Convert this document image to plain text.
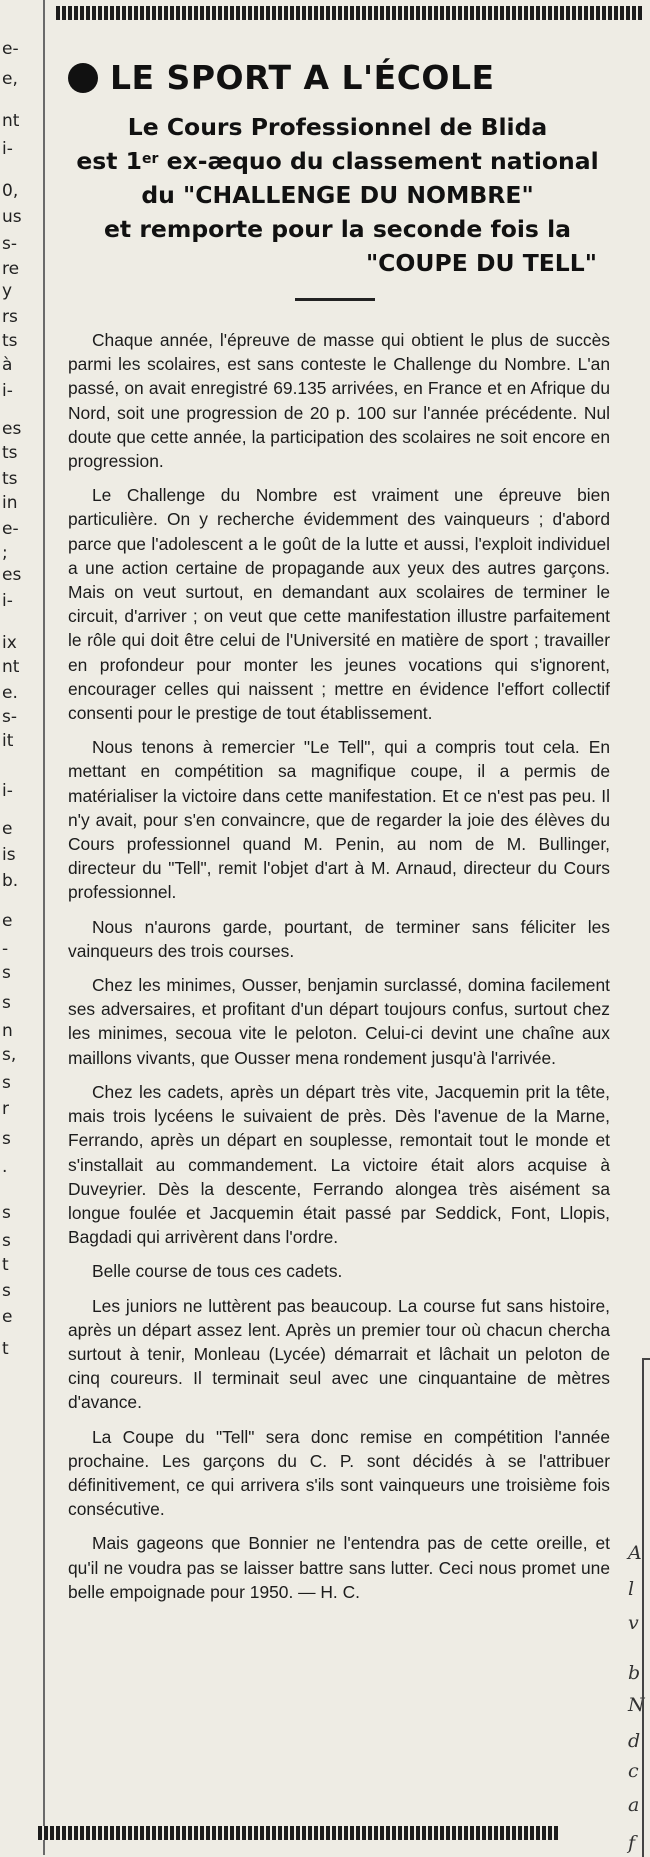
e-
e,
nt
i-
0,
us
s-
re
y
rs
ts
à
i-
es
ts
ts
in
e-
;
es
i-
ix
nt
e.
s-
it
i-
e
is
b.
e
-
s
s
n
s,
s
r
s
.
s
s
t
s
e
t
LE SPORT A L'ÉCOLE
Le Cours Professionnel de Blida
est 1er ex-æquo du classement national
du "CHALLENGE DU NOMBRE"
et remporte pour la seconde fois la
"COUPE DU TELL"

Chaque année, l'épreuve de masse qui obtient le plus de succès parmi les scolaires, est sans conteste le Challenge du Nombre. L'an passé, on avait enregistré 69.135 arrivées, en France et en Afrique du Nord, soit une progression de 20 p. 100 sur l'année précédente. Nul doute que cette année, la participation des scolaires ne soit encore en progression.

Le Challenge du Nombre est vraiment une épreuve bien particulière. On y recherche évidemment des vainqueurs ; d'abord parce que l'adolescent a le goût de la lutte et aussi, l'exploit individuel a une action certaine de propagande aux yeux des autres garçons. Mais on veut surtout, en demandant aux scolaires de terminer le circuit, d'arriver ; on veut que cette manifestation illustre parfaitement le rôle qui doit être celui de l'Université en matière de sport ; travailler en profondeur pour monter les jeunes vocations qui s'ignorent, encourager celles qui naissent ; mettre en évidence l'effort collectif consenti pour le prestige de tout établissement.

Nous tenons à remercier "Le Tell", qui a compris tout cela. En mettant en compétition sa magnifique coupe, il a permis de matérialiser la victoire dans cette manifestation. Et ce n'est pas peu. Il n'y avait, pour s'en convaincre, que de regarder la joie des élèves du Cours professionnel quand M. Penin, au nom de M. Bullinger, directeur du "Tell", remit l'objet d'art à M. Arnaud, directeur du Cours professionnel.

Nous n'aurons garde, pourtant, de terminer sans féliciter les vainqueurs des trois courses.

Chez les minimes, Ousser, benjamin surclassé, domina facilement ses adversaires, et profitant d'un départ toujours confus, surtout chez les minimes, secoua vite le peloton. Celui-ci devint une chaîne aux maillons vivants, que Ousser mena rondement jusqu'à l'arrivée.

Chez les cadets, après un départ très vite, Jacquemin prit la tête, mais trois lycéens le suivaient de près. Dès l'avenue de la Marne, Ferrando, après un départ en souplesse, remontait tout le monde et s'installait au commandement. La victoire était alors acquise à Duveyrier. Dès la descente, Ferrando alongea très aisément sa longue foulée et Jacquemin était passé par Seddick, Font, Llopis, Bagdadi qui arrivèrent dans l'ordre.

Belle course de tous ces cadets.

Les juniors ne luttèrent pas beaucoup. La course fut sans histoire, après un départ assez lent. Après un premier tour où chacun chercha surtout à tenir, Monleau (Lycée) démarrait et lâchait un peloton de cinq coureurs. Il terminait seul avec une cinquantaine de mètres d'avance.

La Coupe du "Tell" sera donc remise en compétition l'année prochaine. Les garçons du C. P. sont décidés à se l'attribuer définitivement, ce qui arrivera s'ils sont vainqueurs une troisième fois consécutive.

Mais gageons que Bonnier ne l'entendra pas de cette oreille, et qu'il ne voudra pas se laisser battre sans lutter. Ceci nous promet une belle empoignade pour 1950. — H. C.

A
l
v
b
N
d
c
a
f
